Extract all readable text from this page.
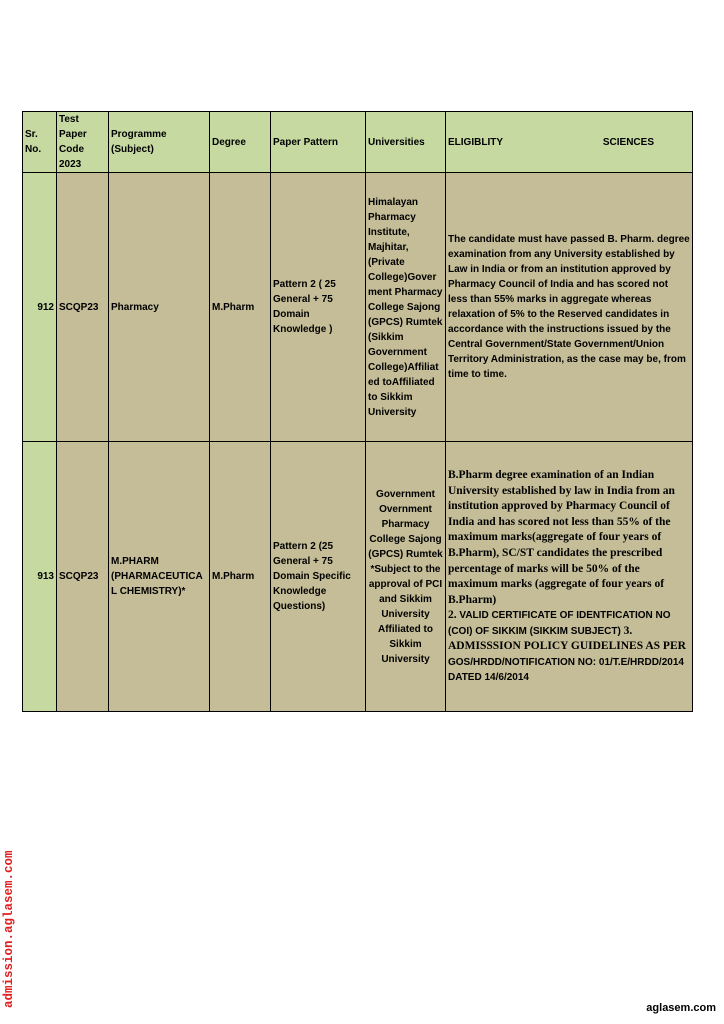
Sr. No.	Test Paper Code 2023	Programme (Subject)	Degree	Paper Pattern	Universities	ELIGIBLITY SCIENCES

912	SCQP23	Pharmacy	M.Pharm	Pattern 2 ( 25 General + 75 Domain Knowledge )	Himalayan Pharmacy Institute, Majhitar, (Private College)Goverment Pharmacy College Sajong (GPCS) Rumtek (Sikkim Government College)Affiliated toAffiliated to Sikkim University	The candidate must have passed B. Pharm. degree examination from any University established by Law in India or from an institution approved by Pharmacy Council of India and has scored not less than 55% marks in aggregate whereas relaxation of 5% to the Reserved candidates in accordance with the instructions issued by the Central Government/State Government/Union Territory Administration, as the case may be, from time to time.
913	SCQP23	M.PHARM (PHARMACEUTICAL CHEMISTRY)*	M.Pharm	Pattern 2 (25 General + 75 Domain Specific Knowledge Questions)	Government Overnment Pharmacy College Sajong (GPCS) Rumtek *Subject to the approval of PCI and Sikkim University Affiliated to Sikkim University	B.Pharm degree examination of an Indian University established by law in India from an institution approved by Pharmacy Council of India and has scored not less than 55% of the maximum marks(aggregate of four years of B.Pharm), SC/ST candidates the prescribed percentage of marks will be 50% of the maximum marks (aggregate of four years of B.Pharm)
2. VALID CERTIFICATE OF IDENTFICATION NO (COI) OF SIKKIM (SIKKIM SUBJECT) 3. ADMISSSION POLICY GUIDELINES AS PER GOS/HRDD/NOTIFICATION NO: 01/T.E/HRDD/2014 DATED 14/6/2014
admission.aglasem.com	aglasem.com
